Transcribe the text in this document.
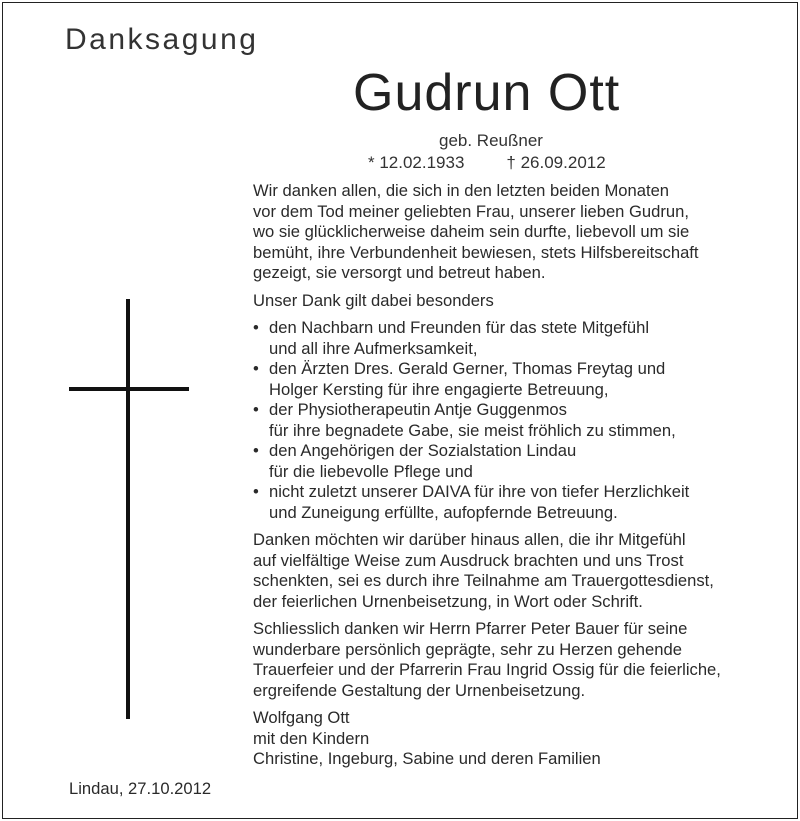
Danksagung
Gudrun Ott
geb. Reußner
* 12.02.1933 † 26.09.2012

Wir danken allen, die sich in den letzten beiden Monaten
vor dem Tod meiner geliebten Frau, unserer lieben Gudrun,
wo sie glücklicherweise daheim sein durfte, liebevoll um sie
bemüht, ihre Verbundenheit bewiesen, stets Hilfsbereitschaft
gezeigt, sie versorgt und betreut haben.

Unser Dank gilt dabei besonders

• den Nachbarn und Freunden für das stete Mitgefühl
und all ihre Aufmerksamkeit,
• den Ärzten Dres. Gerald Gerner, Thomas Freytag und
Holger Kersting für ihre engagierte Betreuung,
• der Physiotherapeutin Antje Guggenmos
für ihre begnadete Gabe, sie meist fröhlich zu stimmen,
• den Angehörigen der Sozialstation Lindau
für die liebevolle Pflege und
• nicht zuletzt unserer DAIVA für ihre von tiefer Herzlichkeit
und Zuneigung erfüllte, aufopfernde Betreuung.

Danken möchten wir darüber hinaus allen, die ihr Mitgefühl
auf vielfältige Weise zum Ausdruck brachten und uns Trost
schenkten, sei es durch ihre Teilnahme am Trauergottesdienst,
der feierlichen Urnenbeisetzung, in Wort oder Schrift.

Schliesslich danken wir Herrn Pfarrer Peter Bauer für seine
wunderbare persönlich geprägte, sehr zu Herzen gehende
Trauerfeier und der Pfarrerin Frau Ingrid Ossig für die feierliche,
ergreifende Gestaltung der Urnenbeisetzung.

Wolfgang Ott
mit den Kindern
Christine, Ingeburg, Sabine und deren Familien

Lindau, 27.10.2012
